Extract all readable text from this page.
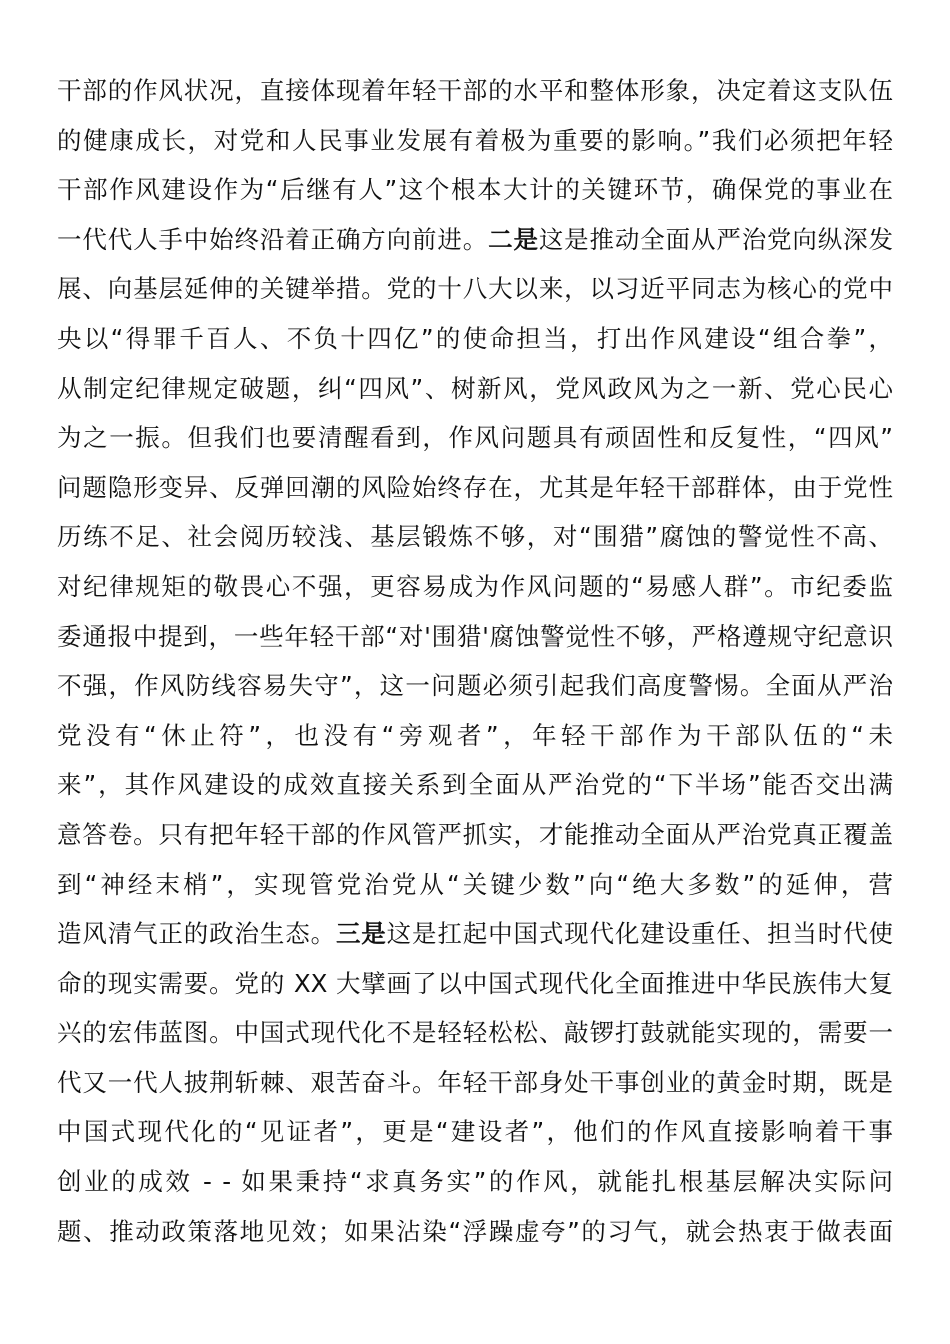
干部的作风状况，直接体现着年轻干部的水平和整体形象，决定着这支队伍
的健康成长，对党和人民事业发展有着极为重要的影响。”我们必须把年轻
干部作风建设作为“后继有人”这个根本大计的关键环节，确保党的事业在
一代代人手中始终沿着正确方向前进。二是这是推动全面从严治党向纵深发
展、向基层延伸的关键举措。党的十八大以来，以习近平同志为核心的党中
央以“得罪千百人、不负十四亿”的使命担当，打出作风建设“组合拳”，
从制定纪律规定破题，纠“四风”、树新风，党风政风为之一新、党心民心
为之一振。但我们也要清醒看到，作风问题具有顽固性和反复性，“四风”
问题隐形变异、反弹回潮的风险始终存在，尤其是年轻干部群体，由于党性
历练不足、社会阅历较浅、基层锻炼不够，对“围猎”腐蚀的警觉性不高、
对纪律规矩的敬畏心不强，更容易成为作风问题的“易感人群”。市纪委监
委通报中提到，一些年轻干部“对'围猎'腐蚀警觉性不够，严格遵规守纪意识
不强，作风防线容易失守”，这一问题必须引起我们高度警惕。全面从严治
党没有“休止符”，也没有“旁观者”，年轻干部作为干部队伍的“未
来”，其作风建设的成效直接关系到全面从严治党的“下半场”能否交出满
意答卷。只有把年轻干部的作风管严抓实，才能推动全面从严治党真正覆盖
到“神经末梢”，实现管党治党从“关键少数”向“绝大多数”的延伸，营
造风清气正的政治生态。三是这是扛起中国式现代化建设重任、担当时代使
命的现实需要。党的 XX 大擘画了以中国式现代化全面推进中华民族伟大复
兴的宏伟蓝图。中国式现代化不是轻轻松松、敲锣打鼓就能实现的，需要一
代又一代人披荆斩棘、艰苦奋斗。年轻干部身处干事创业的黄金时期，既是
中国式现代化的“见证者”，更是“建设者”，他们的作风直接影响着干事
创业的成效 - - 如果秉持“求真务实”的作风，就能扎根基层解决实际问
题、推动政策落地见效；如果沾染“浮躁虚夸”的习气，就会热衷于做表面
